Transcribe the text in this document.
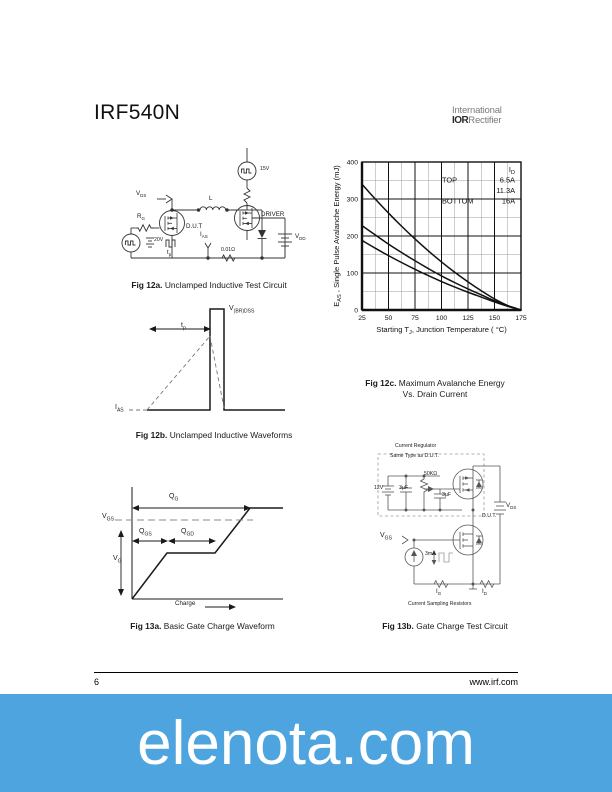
IRF540N	International
IORRectifier
$V_{DS}$
$R_G$
20V
$t_p$
$I_{AS}$
0.01Ω
L
DRIVER
D.U.T
$V_{DD}$
15V
Fig 12a. Unclamped Inductive Test Circuit
$t_p$
$V_{(BR)DSS}$
$I_{AS}$
Fig 12b. Unclamped Inductive Waveforms
25	50	75	100 125 150 175
0
100
200
300
400
Starting $T_J$, Junction Temperature ( °C)
$E_{AS}$ , Single Pulse Avalanche Energy (mJ)	$I_D$
TOP	6.5A
11.3A
BOTTOM	16A
Fig 12c. Maximum Avalanche Energy
Vs. Drain Current
$Q_G$
$Q_{GS}$	$Q_{GD}$
$V_{GS}$
$V_G$
Charge
Fig 13a. Basic Gate Charge Waveform
Current Regulator
Same Type as D.U.T.
12V	3µF
50KΩ
3µF
D.U.T.
$V_{DS}$
$V_{GS}$
3mA
$I_G$	$I_D$
Current Sampling Resistors
Fig 13b. Gate Charge Test Circuit
6	www.irf.com
elenota.com
